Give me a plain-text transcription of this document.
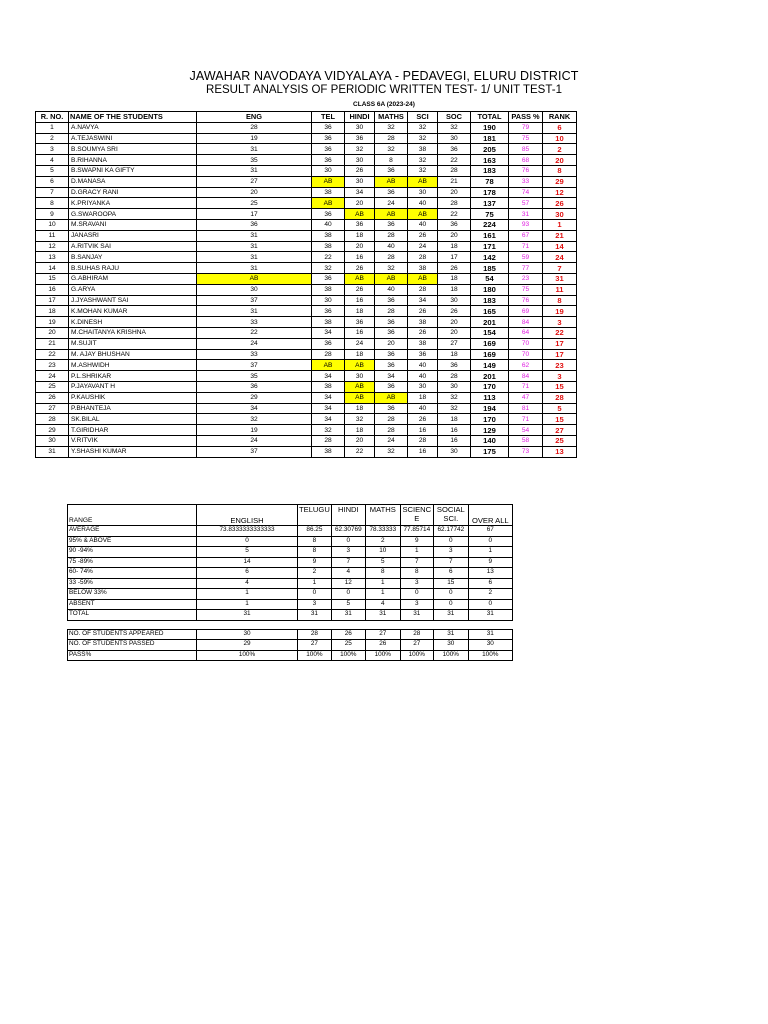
JAWAHAR NAVODAYA VIDYALAYA - PEDAVEGI, ELURU DISTRICT
RESULT ANALYSIS OF PERIODIC WRITTEN TEST- 1/ UNIT TEST-1
CLASS 6A (2023-24)
R. NO.	NAME OF THE STUDENTS	ENG	TEL	HINDI	MATHS	SCI	SOC	TOTAL	PASS %	RANK
1	A.NAVYA	28	36	30	32	32	32	190	79	6
2	A.TEJASWINI	19	36	36	28	32	30	181	75	10
3	B.SOUMYA SRI	31	36	32	32	38	36	205	85	2
4	B.RIHANNA	35	36	30	8	32	22	163	68	20
5	B.SWAPNI KA GIFTY	31	30	26	36	32	28	183	76	8
6	D.MANASA	27	AB	30	AB	AB	21	78	33	29
7	D.GRACY RANI	20	38	34	36	30	20	178	74	12
8	K.PRIYANKA	25	AB	20	24	40	28	137	57	26
9	G.SWAROOPA	17	36	AB	AB	AB	22	75	31	30
10	M.SRAVANI	36	40	36	36	40	36	224	93	1
11	JANASRI	31	38	18	28	26	20	161	67	21
12	A.RITVIK SAI	31	38	20	40	24	18	171	71	14
13	B.SANJAY	31	22	16	28	28	17	142	59	24
14	B.SUHAS RAJU	31	32	26	32	38	26	185	77	7
15	G.ABHIRAM	AB	36	AB	AB	AB	18	54	23	31
16	G.ARYA	30	38	26	40	28	18	180	75	11
17	J.JYASHWANT SAI	37	30	16	36	34	30	183	76	8
18	K.MOHAN KUMAR	31	36	18	28	26	26	165	69	19
19	K.DINESH	33	38	36	36	38	20	201	84	3
20	M.CHAITANYA KRISHNA	22	34	16	36	26	20	154	64	22
21	M.SUJIT	24	36	24	20	38	27	169	70	17
22	M. AJAY BHUSHAN	33	28	18	36	36	18	169	70	17
23	M.ASHWIDH	37	AB	AB	36	40	36	149	62	23
24	P.L.SHRIKAR	35	34	30	34	40	28	201	84	3
25	P.JAYAVANT H	36	38	AB	36	30	30	170	71	15
26	P.KAUSHIK	29	34	AB	AB	18	32	113	47	28
27	P.BHANTEJA	34	34	18	36	40	32	194	81	5
28	SK.BILAL	32	34	32	28	26	18	170	71	15
29	T.GIRIDHAR	19	32	18	28	16	16	129	54	27
30	V.RITVIK	24	28	20	24	28	16	140	58	25
31	Y.SHASHI KUMAR	37	38	22	32	16	30	175	73	13
RANGE	ENGLISH	TELUGU	HINDI	MATHS	SCIENC E	SOCIAL SCI.	OVER ALL
AVERAGE	73.8333333333333	86.25	62.30769	78.33333	77.85714	62.17742	67
95% & ABOVE	0	8	0	2	9	0	0
90 -94%	5	8	3	10	1	3	1
75 -89%	14	9	7	5	7	7	9
60- 74%	6	2	4	8	8	6	13
33 -59%	4	1	12	1	3	15	6
BELOW 33%	1	0	0	1	0	0	2
ABSENT	1	3	5	4	3	0	0
TOTAL	31	31	31	31	31	31	31

NO. OF STUDENTS APPEARED	30	28	26	27	28	31	31
NO. OF STUDENTS PASSED	29	27	25	26	27	30	30
PASS%	100%	100%	100%	100%	100%	100%	100%
